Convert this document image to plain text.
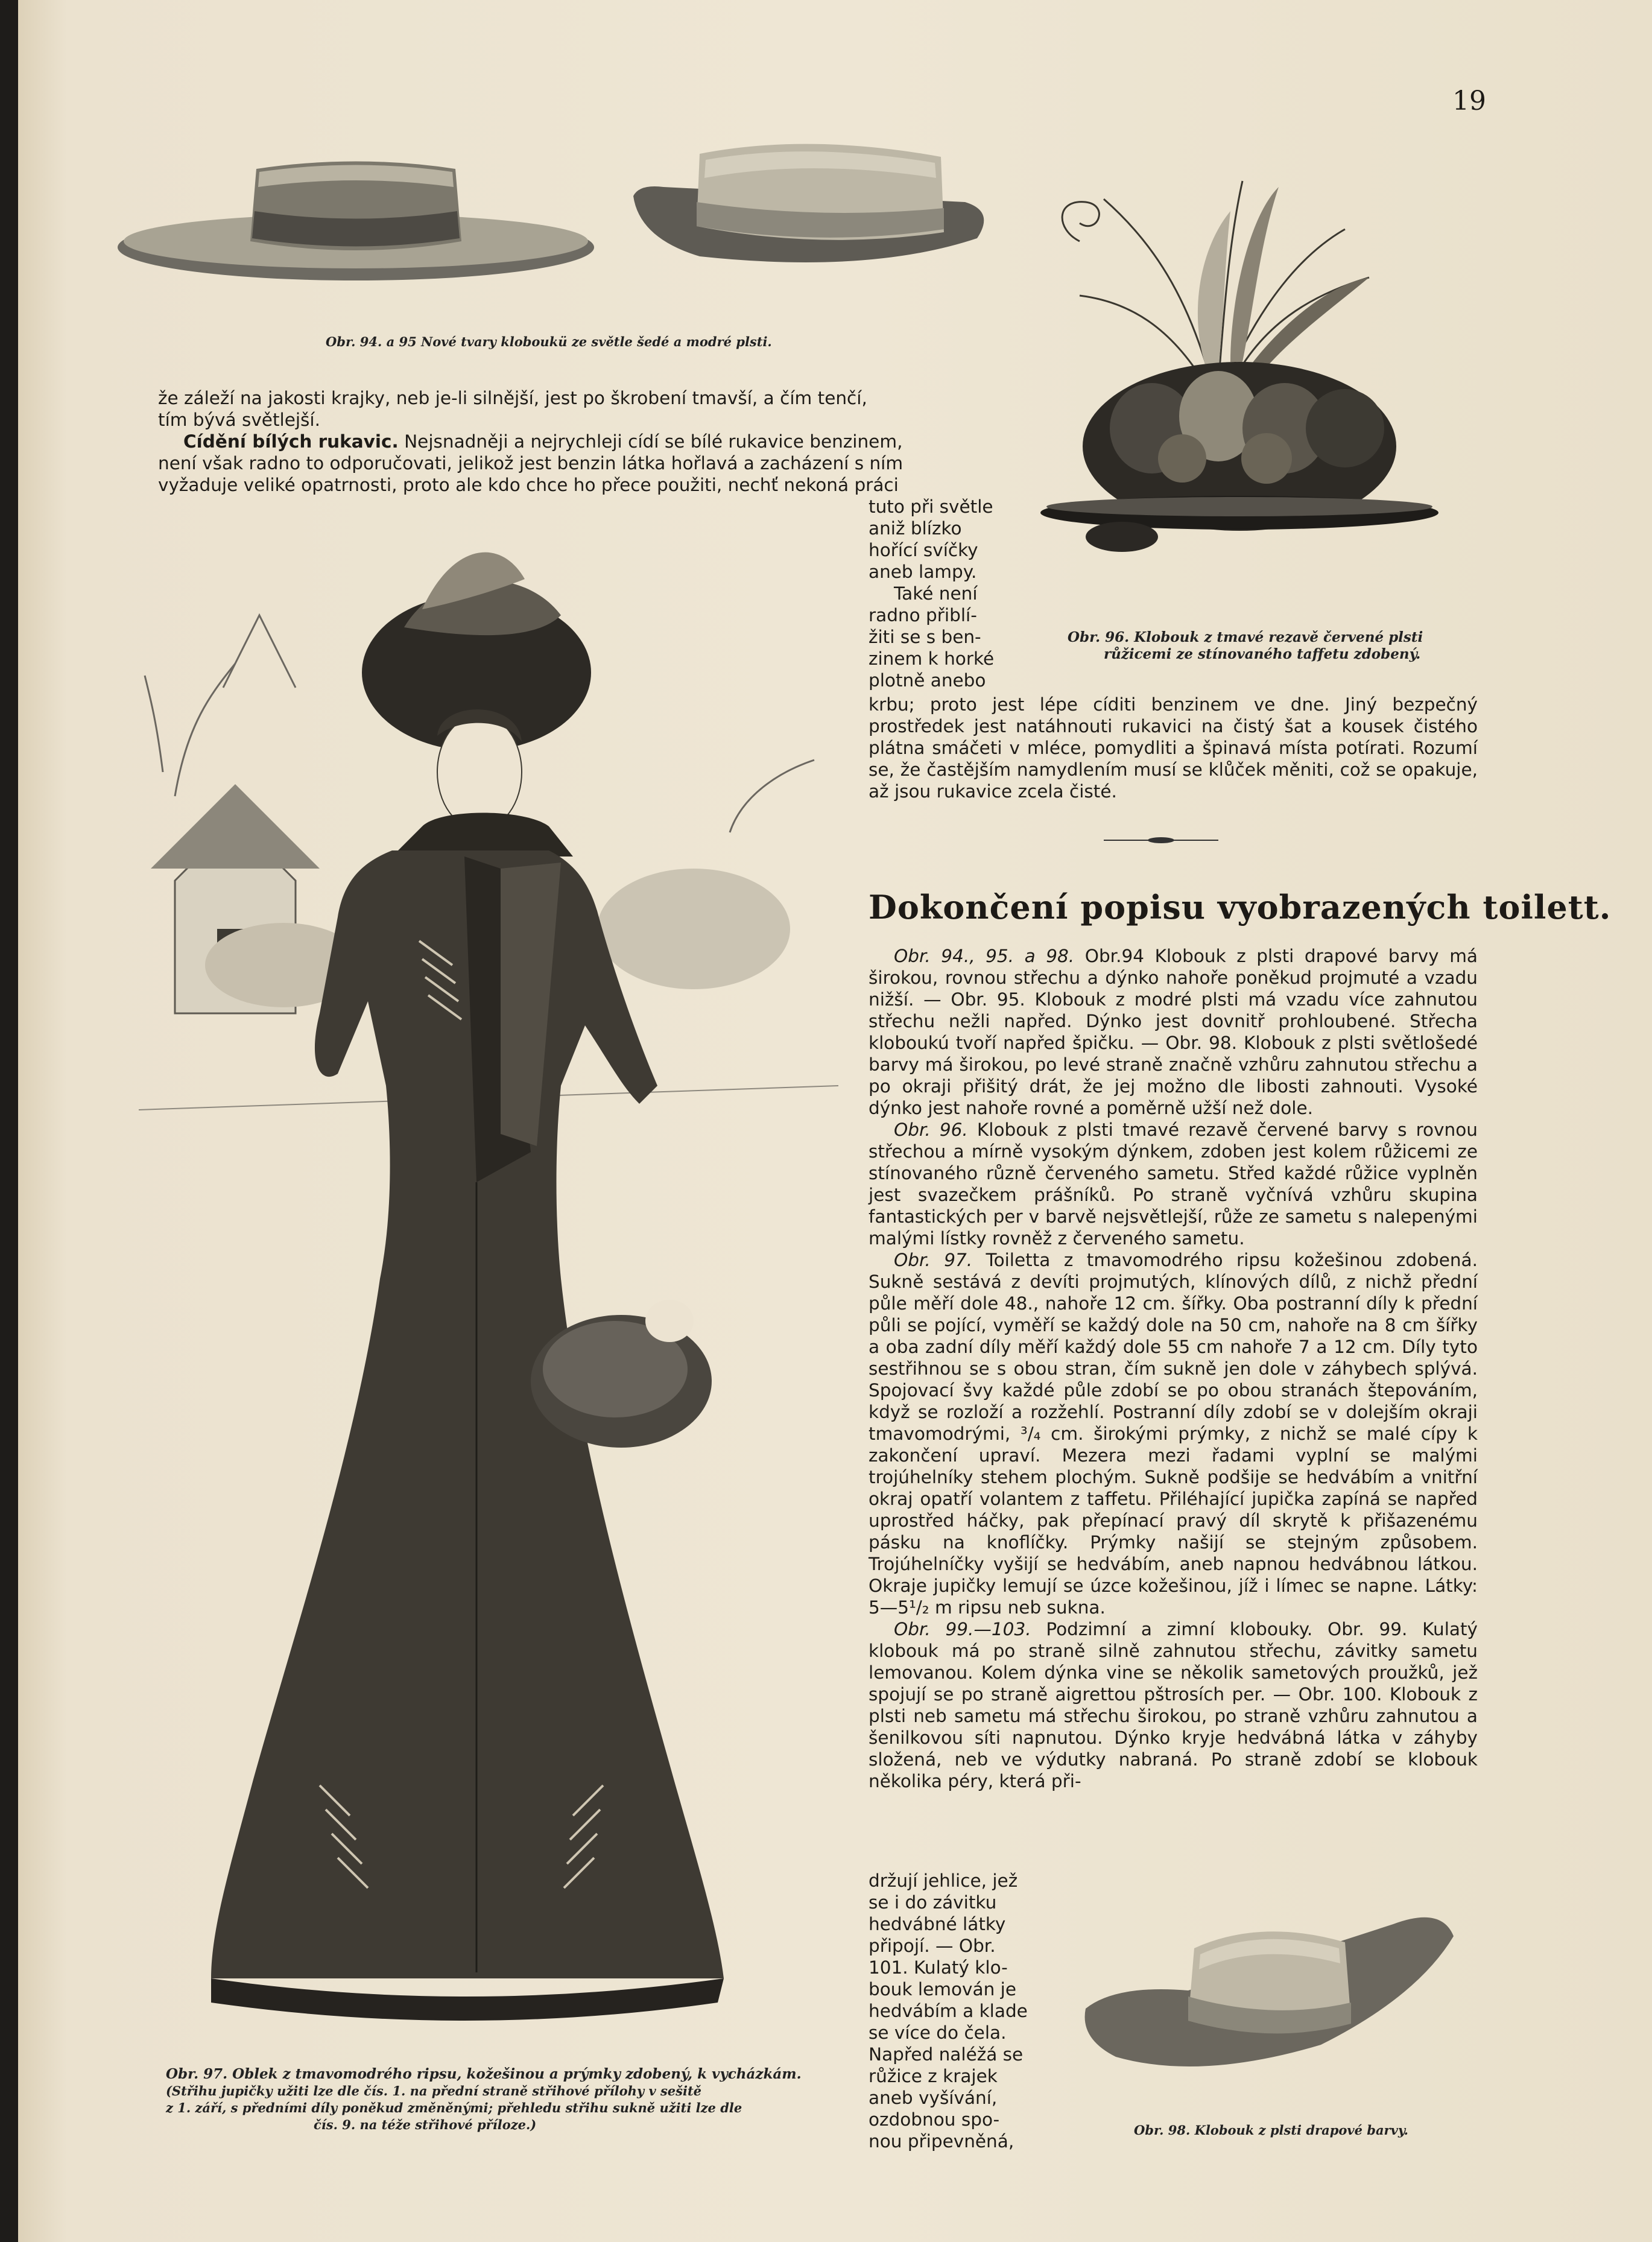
19
Obr. 94. a 95 Nové tvary kloboukü ze světle šedé a modré plsti.
Obr. 96. Klobouk z tmavé rezavě červené plsti
růžicemi ze stínovaného taffetu zdobený.

že záleží na jakosti krajky, neb je-li silnější, jest po škrobení tmavší, a čím tenčí,

tím bývá světlejší.

Cídění bílých rukavic. Nejsnadněji a nejrychleji cídí se bílé rukavice benzinem,

není však radno to odporučovati, jelikož jest benzin látka hořlavá a zacházení s ním

vyžaduje veliké opatrnosti, proto ale kdo chce ho přece použiti, nechť nekoná práci

tuto při světle

aniž blízko

hořící svíčky

aneb lampy.

Také není

radno přiblí-

žiti se s ben-

zinem k horké

plotně anebo

krbu; proto jest lépe cíditi benzinem ve dne. Jiný bezpečný prostředek jest natáhnouti rukavici na čistý šat a kousek čistého plátna smáčeti v mléce, pomydliti a špinavá místa potírati. Rozumí se, že častějším namydlením musí se klůček měniti, což se opakuje, až jsou rukavice zcela čisté.

Dokončení popisu vyobrazených toilett.

Obr. 94., 95. a 98. Obr.94 Klobouk z plsti drapové barvy má širokou, rovnou střechu a dýnko nahoře poněkud projmuté a vzadu nižší. — Obr. 95. Klobouk z modré plsti má vzadu více zahnutou střechu nežli napřed. Dýnko jest dovnitř prohloubené. Střecha kloboukú tvoří napřed špičku. — Obr. 98. Klobouk z plsti světlošedé barvy má širokou, po levé straně značně vzhůru zahnutou střechu a po okraji přišitý drát, že jej možno dle libosti zahnouti. Vysoké dýnko jest nahoře rovné a poměrně užší než dole.

Obr. 96. Klobouk z plsti tmavé rezavě červené barvy s rovnou střechou a mírně vysokým dýnkem, zdoben jest kolem růžicemi ze stínovaného různě červeného sametu. Střed každé růžice vyplněn jest svazečkem prášníků. Po straně vyčnívá vzhůru skupina fantastických per v barvě nejsvětlejší, růže ze sametu s nalepenými malými lístky rovněž z červeného sametu.

Obr. 97. Toiletta z tmavomodrého ripsu kožešinou zdobená. Sukně sestává z devíti projmutých, klínových dílů, z nichž přední půle měří dole 48., nahoře 12 cm. šířky. Oba postranní díly k přední půli se pojící, vyměří se každý dole na 50 cm, nahoře na 8 cm šířky a oba zadní díly měří každý dole 55 cm nahoře 7 a 12 cm. Díly tyto sestřihnou se s obou stran, čím sukně jen dole v záhybech splývá. Spojovací švy každé půle zdobí se po obou stranách štepováním, když se rozloží a rozžehlí. Postranní díly zdobí se v dolejším okraji tmavomodrými, ³/₄ cm. širokými prýmky, z nichž se malé cípy k zakončení upraví. Mezera mezi řadami vyplní se malými trojúhelníky stehem plochým. Sukně podšije se hedvábím a vnitřní okraj opatří volantem z taffetu. Přiléhající jupička zapíná se napřed uprostřed háčky, pak přepínací pravý díl skrytě k přišazenému pásku na knoflíčky. Prýmky našijí se stejným způsobem. Trojúhelníčky vyšijí se hedvábím, aneb napnou hedvábnou látkou. Okraje jupičky lemují se úzce kožešinou, jíž i límec se napne. Látky: 5—5¹/₂ m ripsu neb sukna.

Obr. 99.—103. Podzimní a zimní klobouky. Obr. 99. Kulatý klobouk má po straně silně zahnutou střechu, závitky sametu lemovanou. Kolem dýnka vine se několik sametových proužků, jež spojují se po straně aigrettou pštrosích per. — Obr. 100. Klobouk z plsti neb sametu má střechu širokou, po straně vzhůru zahnutou a šenilkovou síti napnutou. Dýnko kryje hedvábná látka v záhyby složená, neb ve výdutky nabraná. Po straně zdobí se klobouk několika péry, která při-

držují jehlice, jež

se i do závitku

hedvábné látky

připojí. — Obr.

101. Kulatý klo-

bouk lemován je

hedvábím a klade

se více do čela.

Napřed naléžá se

růžice z krajek

aneb vyšívání,

ozdobnou spo-

nou připevněná,

Obr. 98. Klobouk z plsti drapové barvy.
Obr. 97. Oblek z tmavomodrého ripsu, kožešinou a prýmky zdobený, k vycházkám.
(Střihu jupičky užiti lze dle čís. 1. na přední straně střihové přílohy v sešitě
z 1. září, s předními díly poněkud změněnými; přehledu střihu sukně užiti lze dle
čís. 9. na téže střihové příloze.)
